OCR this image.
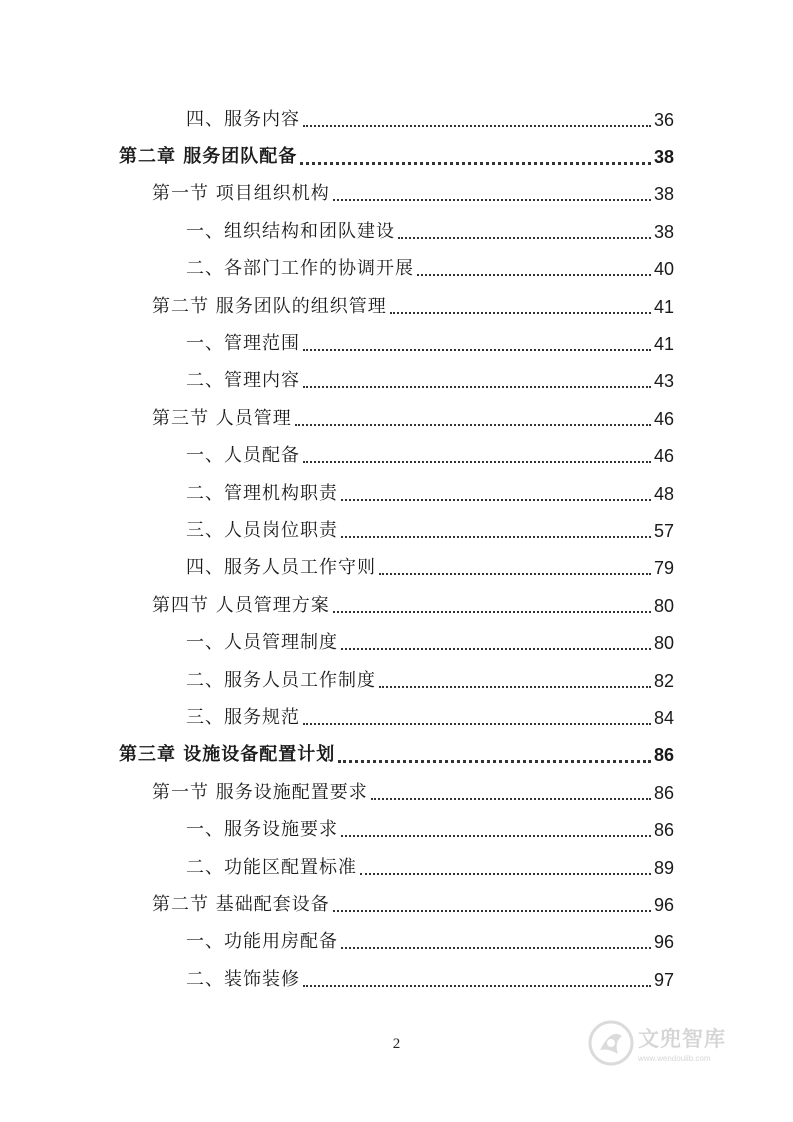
四、服务内容	36
第二章 服务团队配备	38
第一节 项目组织机构	38
一、组织结构和团队建设	38
二、各部门工作的协调开展	40
第二节 服务团队的组织管理	41
一、管理范围	41
二、管理内容	43
第三节 人员管理	46
一、人员配备	46
二、管理机构职责	48
三、人员岗位职责	57
四、服务人员工作守则	79
第四节 人员管理方案	80
一、人员管理制度	80
二、服务人员工作制度	82
三、服务规范	84
第三章 设施设备配置计划	86
第一节 服务设施配置要求	86
一、服务设施要求	86
二、功能区配置标准	89
第二节 基础配套设备	96
一、功能用房配备	96
二、装饰装修	97
2	文兜智库
www.wendoulib.com
